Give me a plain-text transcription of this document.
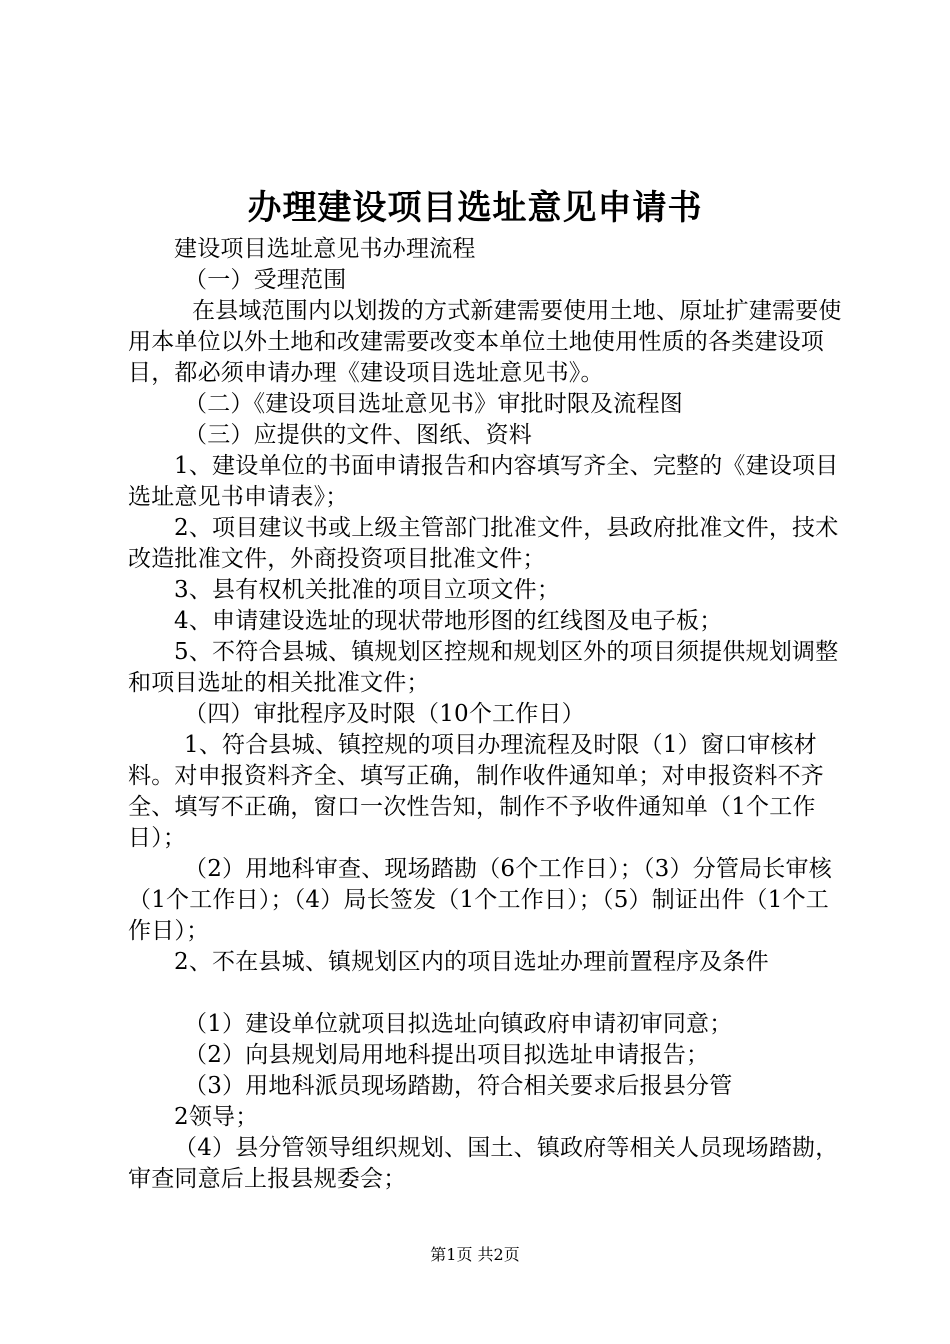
办理建设项目选址意见申请书

建设项目选址意见书办理流程

（一）受理范围

在县域范围内以划拨的方式新建需要使用土地、原址扩建需要使用本单位以外土地和改建需要改变本单位土地使用性质的各类建设项目，都必须申请办理《建设项目选址意见书》。

（二）《建设项目选址意见书》审批时限及流程图

（三）应提供的文件、图纸、资料

1、建设单位的书面申请报告和内容填写齐全、完整的《建设项目选址意见书申请表》；

2、项目建议书或上级主管部门批准文件，县政府批准文件，技术改造批准文件，外商投资项目批准文件；

3、县有权机关批准的项目立项文件；

4、申请建设选址的现状带地形图的红线图及电子板；

5、不符合县城、镇规划区控规和规划区外的项目须提供规划调整和项目选址的相关批准文件；

（四）审批程序及时限（10个工作日）

1、符合县城、镇控规的项目办理流程及时限（1）窗口审核材料。对申报资料齐全、填写正确，制作收件通知单；对申报资料不齐全、填写不正确，窗口一次性告知，制作不予收件通知单（1个工作日）；

（2）用地科审查、现场踏勘（6个工作日）；（3）分管局长审核（1个工作日）；（4）局长签发（1个工作日）；（5）制证出件（1个工作日）；

2、不在县城、镇规划区内的项目选址办理前置程序及条件

（1）建设单位就项目拟选址向镇政府申请初审同意；

（2）向县规划局用地科提出项目拟选址申请报告；

（3）用地科派员现场踏勘，符合相关要求后报县分管

2领导；

（4）县分管领导组织规划、国土、镇政府等相关人员现场踏勘，审查同意后上报县规委会；

第1页 共2页
